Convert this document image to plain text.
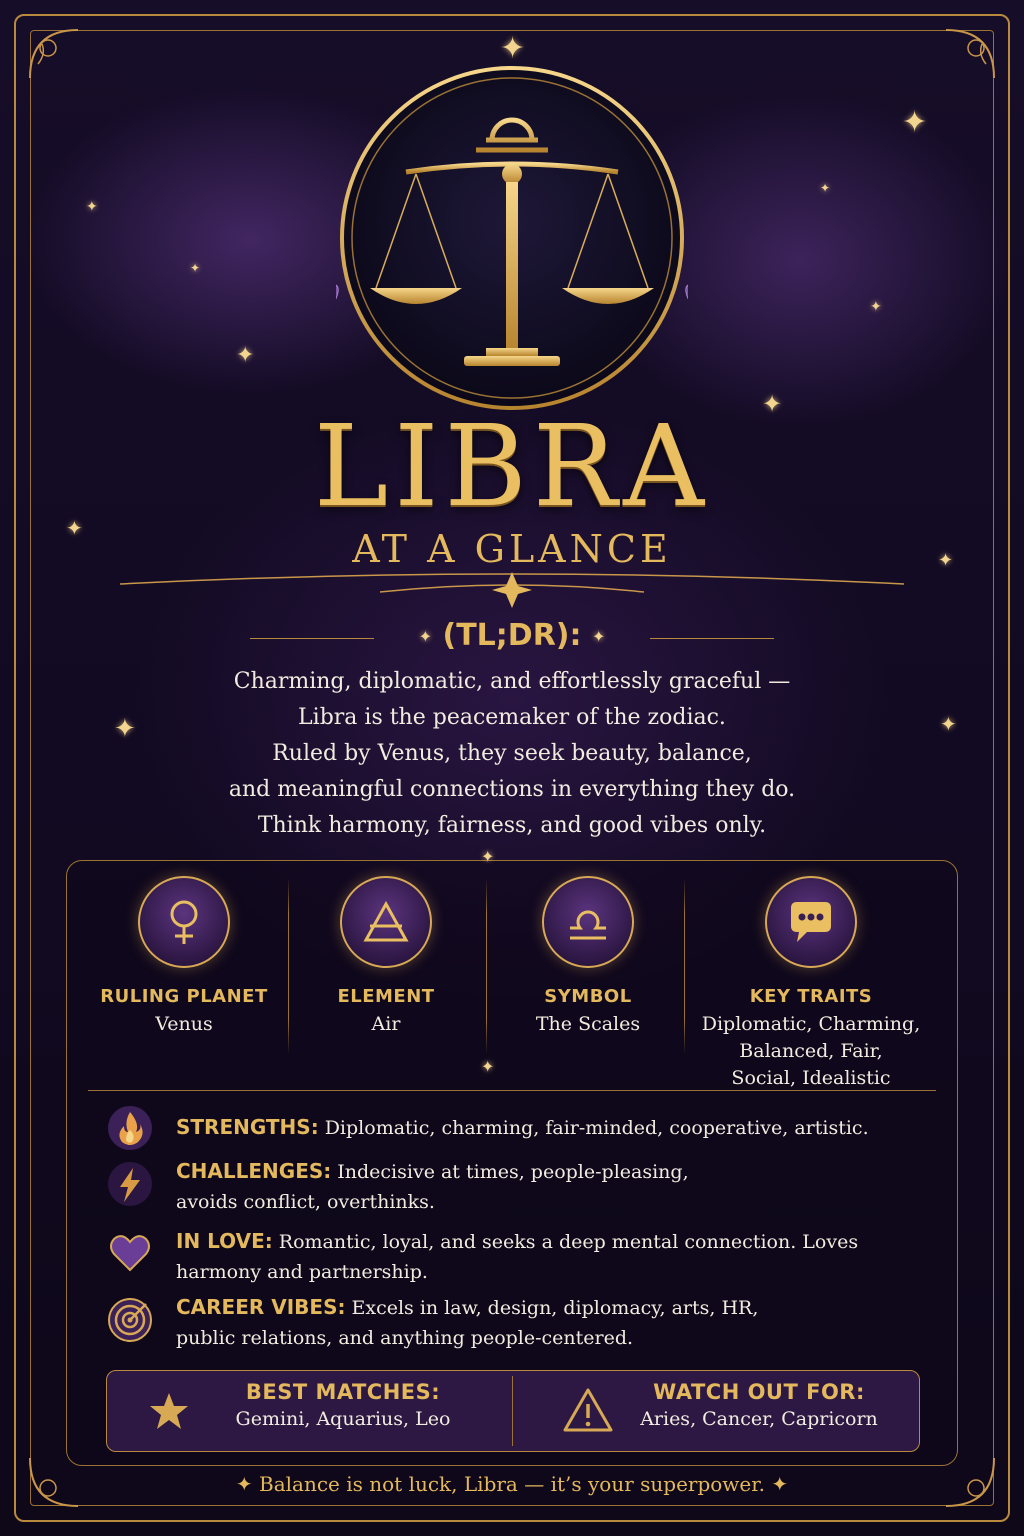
✦
✦
✦
✦
✦
✦
✦	✦
✦
✦
✦
✦
LIBRA
AT A GLANCE
✦ (TL;DR): ✦
Charming, diplomatic, and effortlessly graceful —
Libra is the peacemaker of the zodiac.
Ruled by Venus, they seek beauty, balance,
and meaningful connections in everything they do.
Think harmony, fairness, and good vibes only.
✦
RULING PLANET
Venus
ELEMENT
Air
SYMBOL
The Scales
KEY TRAITS
Diplomatic, Charming,
Balanced, Fair,
Social, Idealistic
✦
STRENGTHS: Diplomatic, charming, fair-minded, cooperative, artistic.
CHALLENGES: Indecisive at times, people-pleasing, avoids conflict, overthinks.
IN LOVE: Romantic, loyal, and seeks a deep mental connection. Loves harmony and partnership.
CAREER VIBES: Excels in law, design, diplomacy, arts, HR, public relations, and anything people-centered.
BEST MATCHES:
Gemini, Aquarius, Leo
WATCH OUT FOR:
Aries, Cancer, Capricorn
✦ Balance is not luck, Libra — it’s your superpower. ✦
